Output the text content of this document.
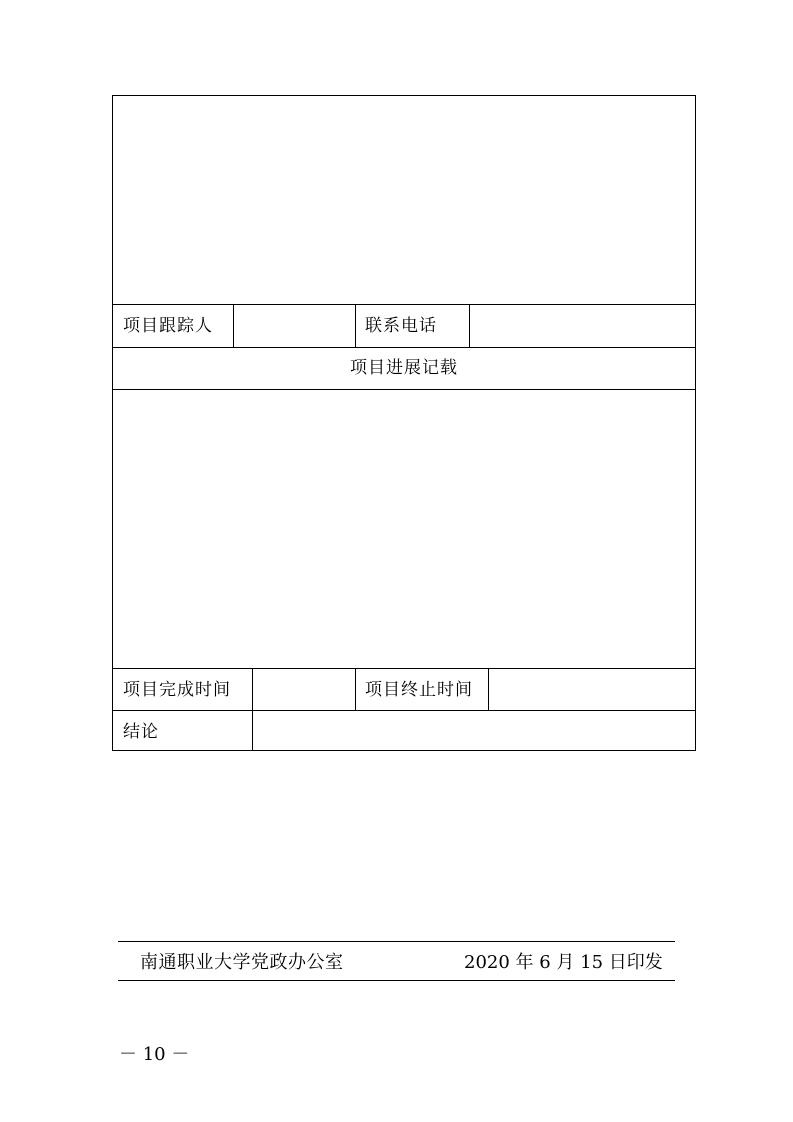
项目跟踪人	联系电话
项目进展记载
项目完成时间	项目终止时间
结论
南通职业大学党政办公室	2020 年 6 月 15 日印发
－ 10 －
